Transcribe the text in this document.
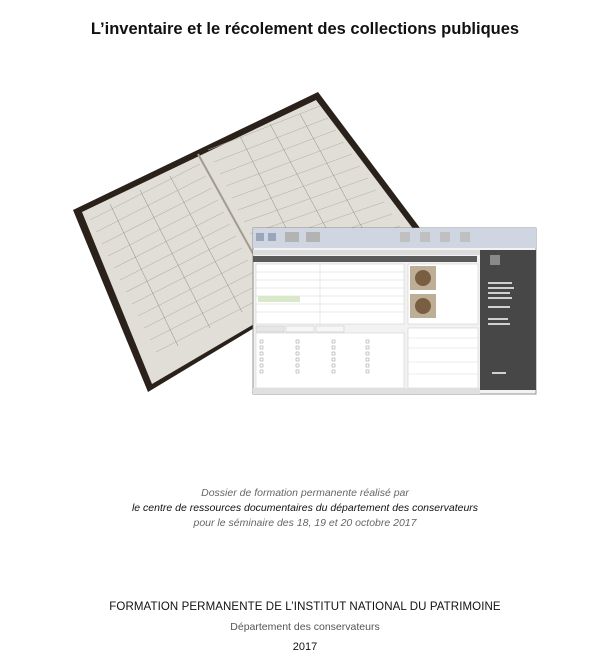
L’inventaire et le récolement des collections publiques
Dossier de formation permanente réalisé par
le centre de ressources documentaires du département des conservateurs
pour le séminaire des 18, 19 et 20 octobre 2017
FORMATION PERMANENTE DE L’INSTITUT NATIONAL DU PATRIMOINE
Département des conservateurs
2017
